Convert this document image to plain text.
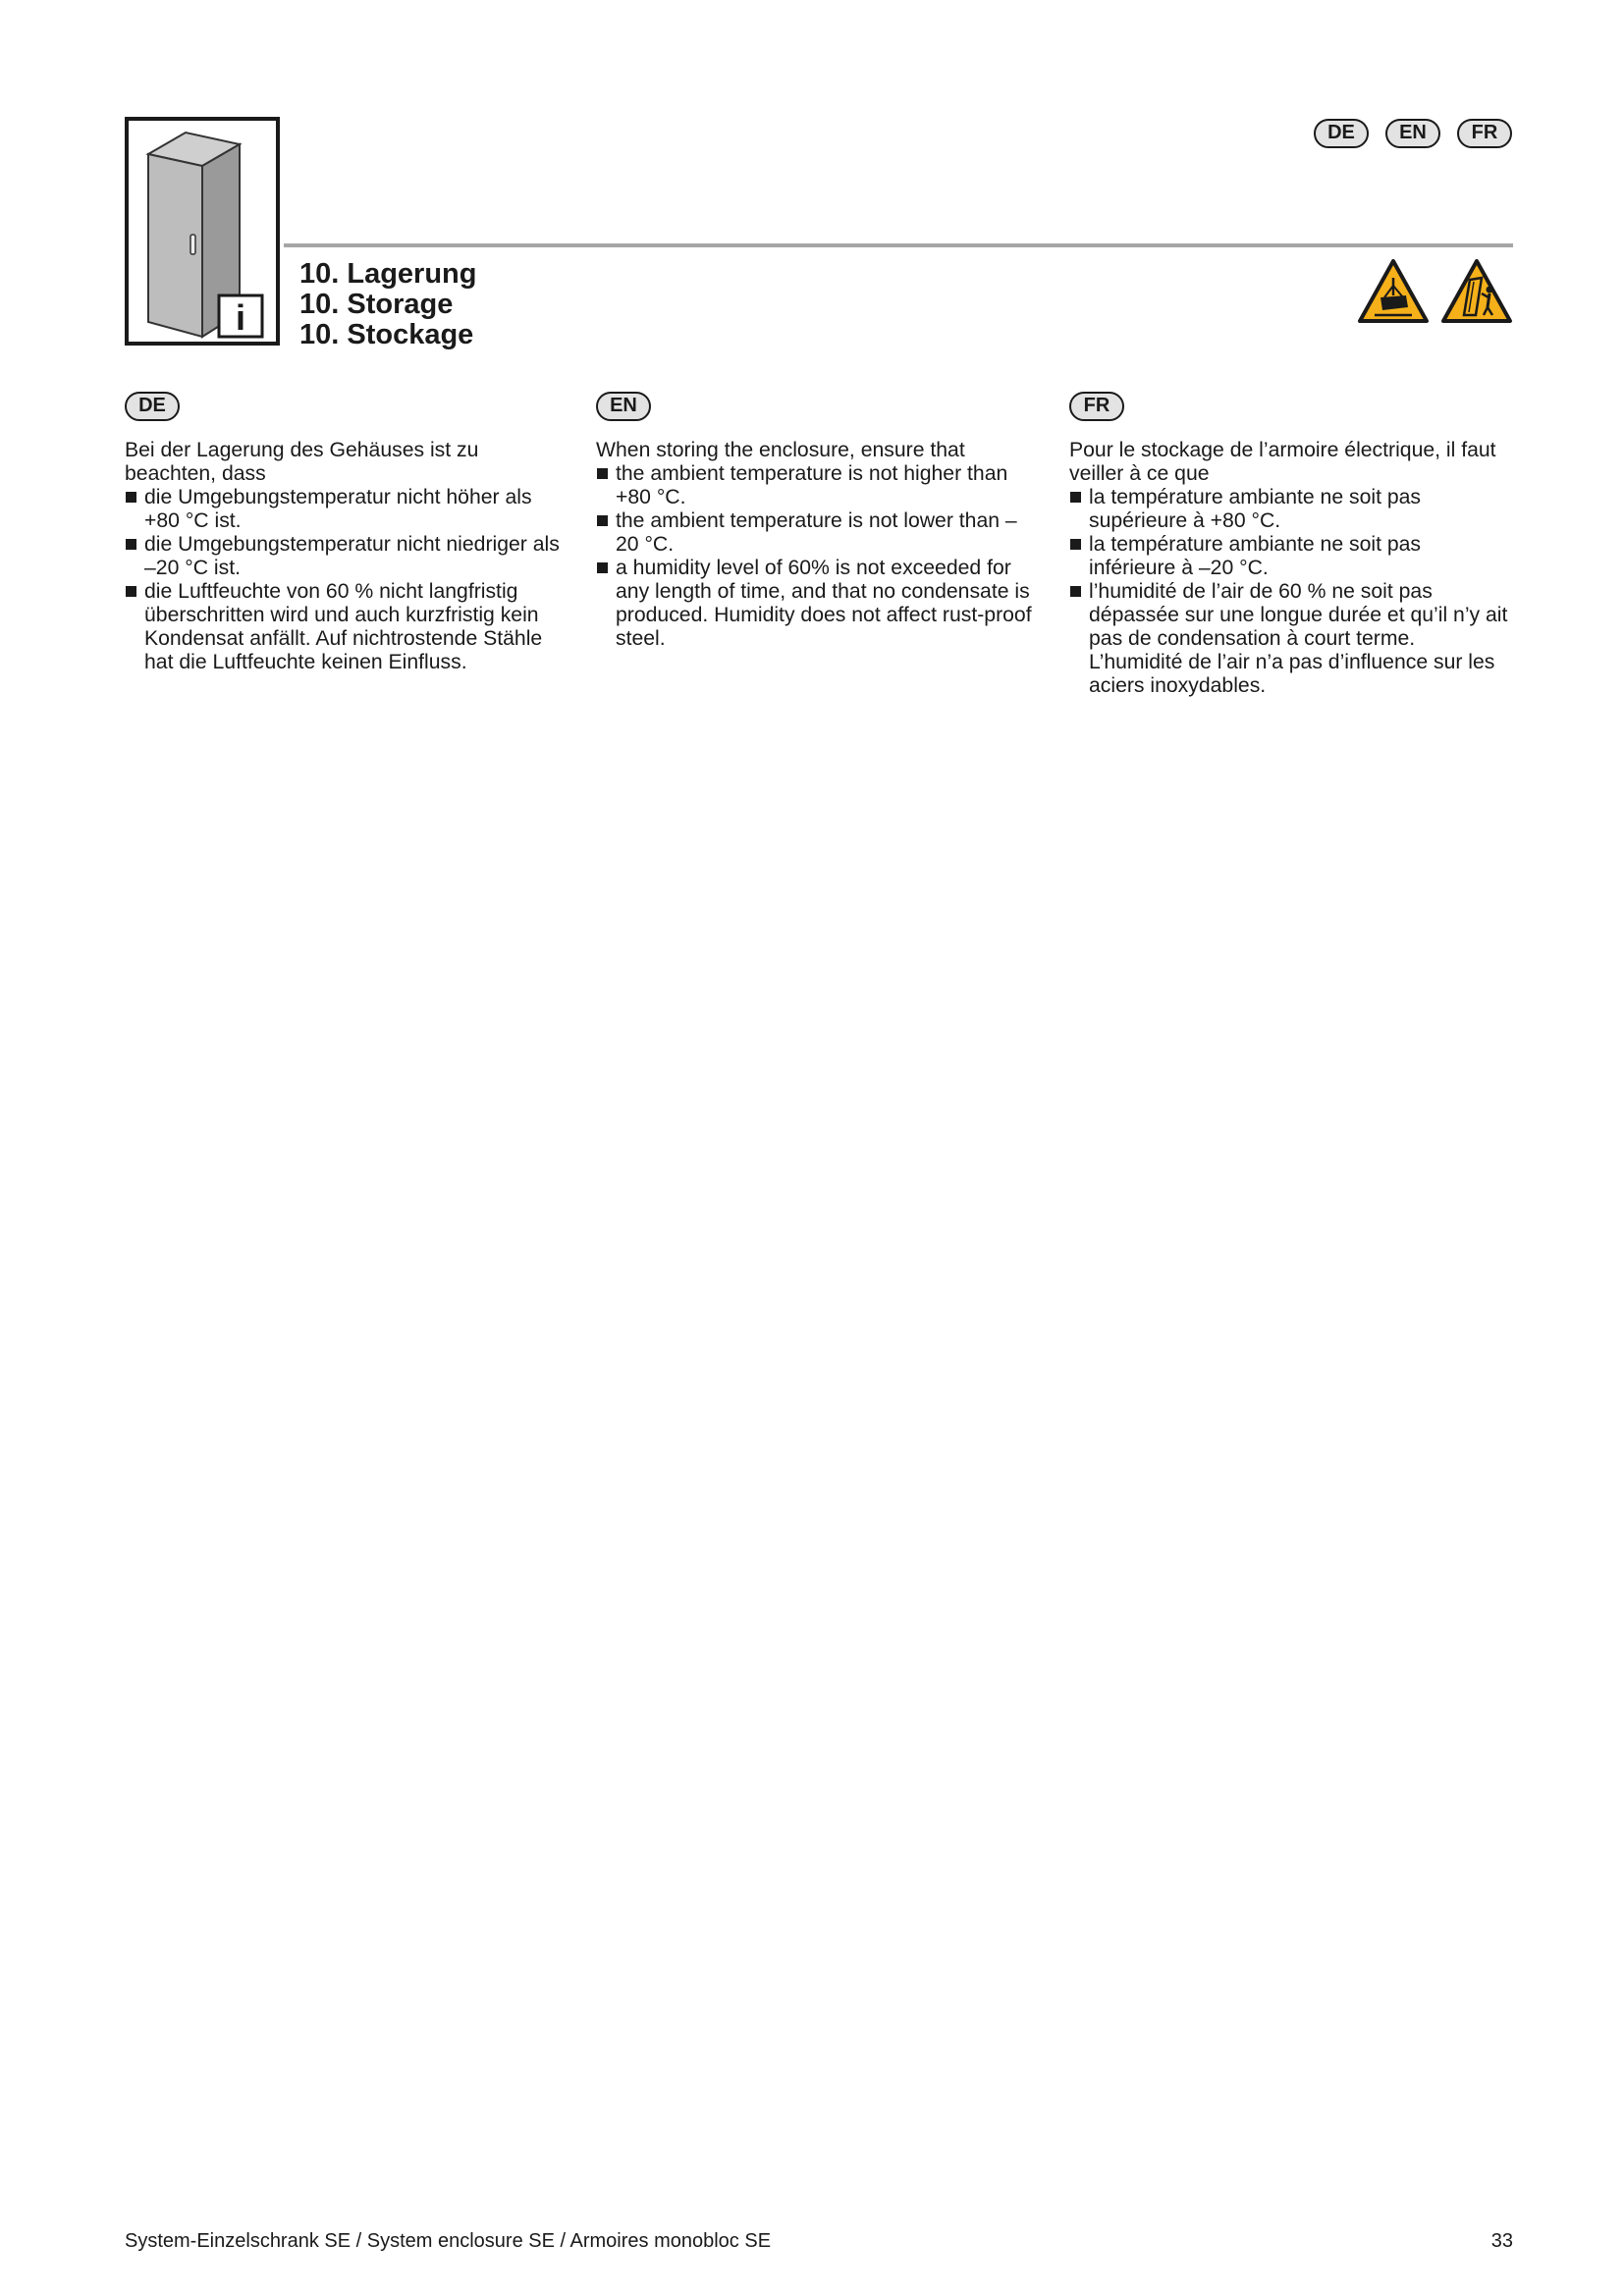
i
DE	EN	FR
10. Lagerung
10. Storage
10. Stockage
DE	EN	FR

Bei der Lagerung des Gehäuses ist zu beachten, dass

die Umgebungstemperatur nicht höher als +80 °C ist.
die Umgebungstemperatur nicht niedriger als –20 °C ist.
die Luftfeuchte von 60 % nicht langfristig überschritten wird und auch kurzfristig kein Kondensat anfällt. Auf nichtrostende Stähle hat die Luftfeuchte keinen Einfluss.

When storing the enclosure, ensure that

the ambient temperature is not higher than +80 °C.
the ambient temperature is not lower than –20 °C.
a humidity level of 60% is not exceeded for any length of time, and that no condensate is produced. Humidity does not affect rust-proof steel.

Pour le stockage de l’armoire électrique, il faut veiller à ce que

la température ambiante ne soit pas supérieure à +80 °C.
la température ambiante ne soit pas inférieure à –20 °C.
l’humidité de l’air de 60 % ne soit pas dépassée sur une longue durée et qu’il n’y ait pas de condensation à court terme. L’humidité de l’air n’a pas d’influence sur les aciers inoxydables.
System-Einzelschrank SE / System enclosure SE / Armoires monobloc SE	33
